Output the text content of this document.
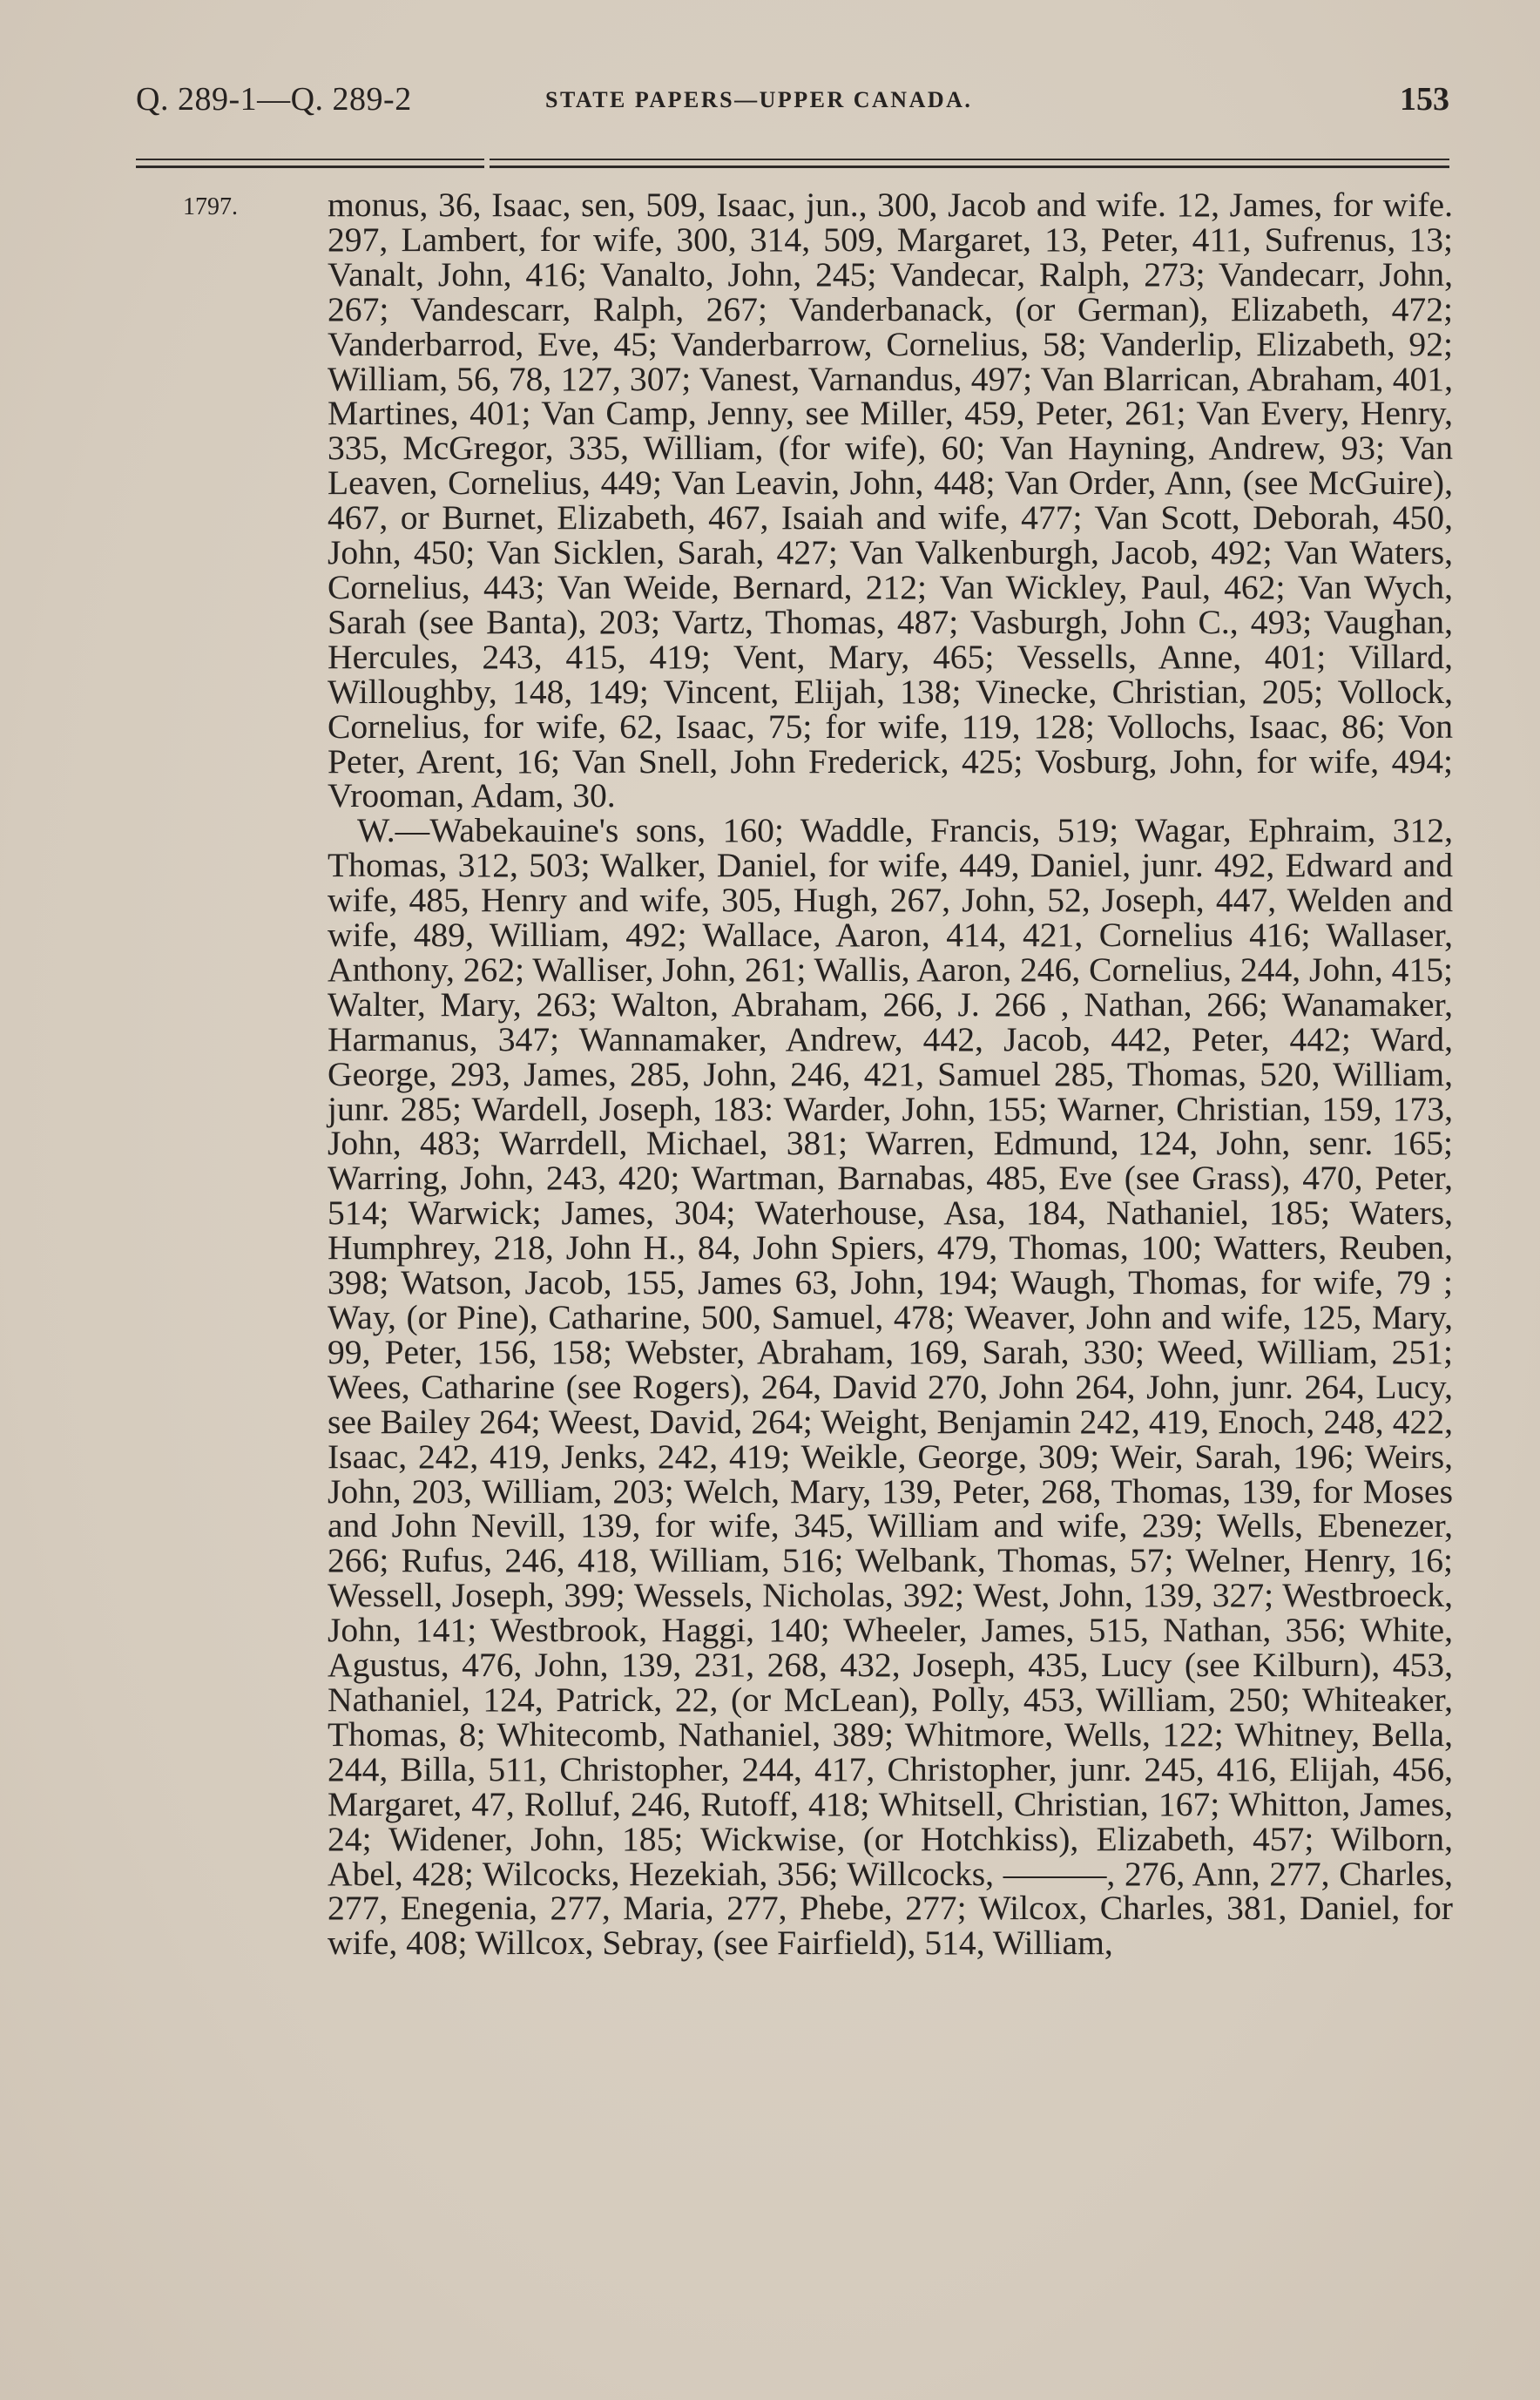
Q. 289-1—Q. 289-2	STATE PAPERS—UPPER CANADA.	153
1797.	monus, 36, Isaac, sen, 509, Isaac, jun., 300, Jacob and wife. 12, James, for wife. 297, Lambert, for wife, 300, 314, 509, Margaret, 13, Peter, 411, Sufrenus, 13; Vanalt, John, 416; Vanalto, John, 245; Vandecar, Ralph, 273; Vandecarr, John, 267; Vandescarr, Ralph, 267; Vanderbanack, (or German), Elizabeth, 472; Vanderbarrod, Eve, 45; Vanderbarrow, Cornelius, 58; Vanderlip, Elizabeth, 92; William, 56, 78, 127, 307; Vanest, Varnandus, 497; Van Blarrican, Abraham, 401, Martines, 401; Van Camp, Jenny, see Miller, 459, Peter, 261; Van Every, Henry, 335, McGregor, 335, William, (for wife), 60; Van Hayning, Andrew, 93; Van Leaven, Cornelius, 449; Van Leavin, John, 448; Van Order, Ann, (see McGuire), 467, or Burnet, Elizabeth, 467, Isaiah and wife, 477; Van Scott, Deborah, 450, John, 450; Van Sicklen, Sarah, 427; Van Valkenburgh, Jacob, 492; Van Waters, Cornelius, 443; Van Weide, Bernard, 212; Van Wickley, Paul, 462; Van Wych, Sarah (see Banta), 203; Vartz, Thomas, 487; Vasburgh, John C., 493; Vaughan, Hercules, 243, 415, 419; Vent, Mary, 465; Vessells, Anne, 401; Villard, Willoughby, 148, 149; Vincent, Elijah, 138; Vinecke, Christian, 205; Vollock, Cornelius, for wife, 62, Isaac, 75; for wife, 119, 128; Vollochs, Isaac, 86; Von Peter, Arent, 16; Van Snell, John Frederick, 425; Vosburg, John, for wife, 494; Vrooman, Adam, 30.

W.—Wabekauine's sons, 160; Waddle, Francis, 519; Wagar, Ephraim, 312, Thomas, 312, 503; Walker, Daniel, for wife, 449, Daniel, junr. 492, Edward and wife, 485, Henry and wife, 305, Hugh, 267, John, 52, Joseph, 447, Welden and wife, 489, William, 492; Wallace, Aaron, 414, 421, Cornelius 416; Wallaser, Anthony, 262; Walliser, John, 261; Wallis, Aaron, 246, Cornelius, 244, John, 415; Walter, Mary, 263; Walton, Abraham, 266, J. 266 , Nathan, 266; Wanamaker, Harmanus, 347; Wannamaker, Andrew, 442, Jacob, 442, Peter, 442; Ward, George, 293, James, 285, John, 246, 421, Samuel 285, Thomas, 520, William, junr. 285; Wardell, Joseph, 183: Warder, John, 155; Warner, Christian, 159, 173, John, 483; Warrdell, Michael, 381; Warren, Edmund, 124, John, senr. 165; Warring, John, 243, 420; Wartman, Barnabas, 485, Eve (see Grass), 470, Peter, 514; Warwick; James, 304; Waterhouse, Asa, 184, Nathaniel, 185; Waters, Humphrey, 218, John H., 84, John Spiers, 479, Thomas, 100; Watters, Reuben, 398; Watson, Jacob, 155, James 63, John, 194; Waugh, Thomas, for wife, 79 ; Way, (or Pine), Catharine, 500, Samuel, 478; Weaver, John and wife, 125, Mary, 99, Peter, 156, 158; Webster, Abraham, 169, Sarah, 330; Weed, William, 251; Wees, Catharine (see Rogers), 264, David 270, John 264, John, junr. 264, Lucy, see Bailey 264; Weest, David, 264; Weight, Benjamin 242, 419, Enoch, 248, 422, Isaac, 242, 419, Jenks, 242, 419; Weikle, George, 309; Weir, Sarah, 196; Weirs, John, 203, William, 203; Welch, Mary, 139, Peter, 268, Thomas, 139, for Moses and John Nevill, 139, for wife, 345, William and wife, 239; Wells, Ebenezer, 266; Rufus, 246, 418, William, 516; Welbank, Thomas, 57; Welner, Henry, 16; Wessell, Joseph, 399; Wessels, Nicholas, 392; West, John, 139, 327; Westbroeck, John, 141; Westbrook, Haggi, 140; Wheeler, James, 515, Nathan, 356; White, Agustus, 476, John, 139, 231, 268, 432, Joseph, 435, Lucy (see Kilburn), 453, Nathaniel, 124, Patrick, 22, (or McLean), Polly, 453, William, 250; Whiteaker, Thomas, 8; Whitecomb, Nathaniel, 389; Whitmore, Wells, 122; Whitney, Bella, 244, Billa, 511, Christopher, 244, 417, Christopher, junr. 245, 416, Elijah, 456, Margaret, 47, Rolluf, 246, Rutoff, 418; Whitsell, Christian, 167; Whitton, James, 24; Widener, John, 185; Wickwise, (or Hotchkiss), Elizabeth, 457; Wilborn, Abel, 428; Wilcocks, Hezekiah, 356; Willcocks, ———, 276, Ann, 277, Charles, 277, Enegenia, 277, Maria, 277, Phebe, 277; Wilcox, Charles, 381, Daniel, for wife, 408; Willcox, Sebray, (see Fairfield), 514, William,
